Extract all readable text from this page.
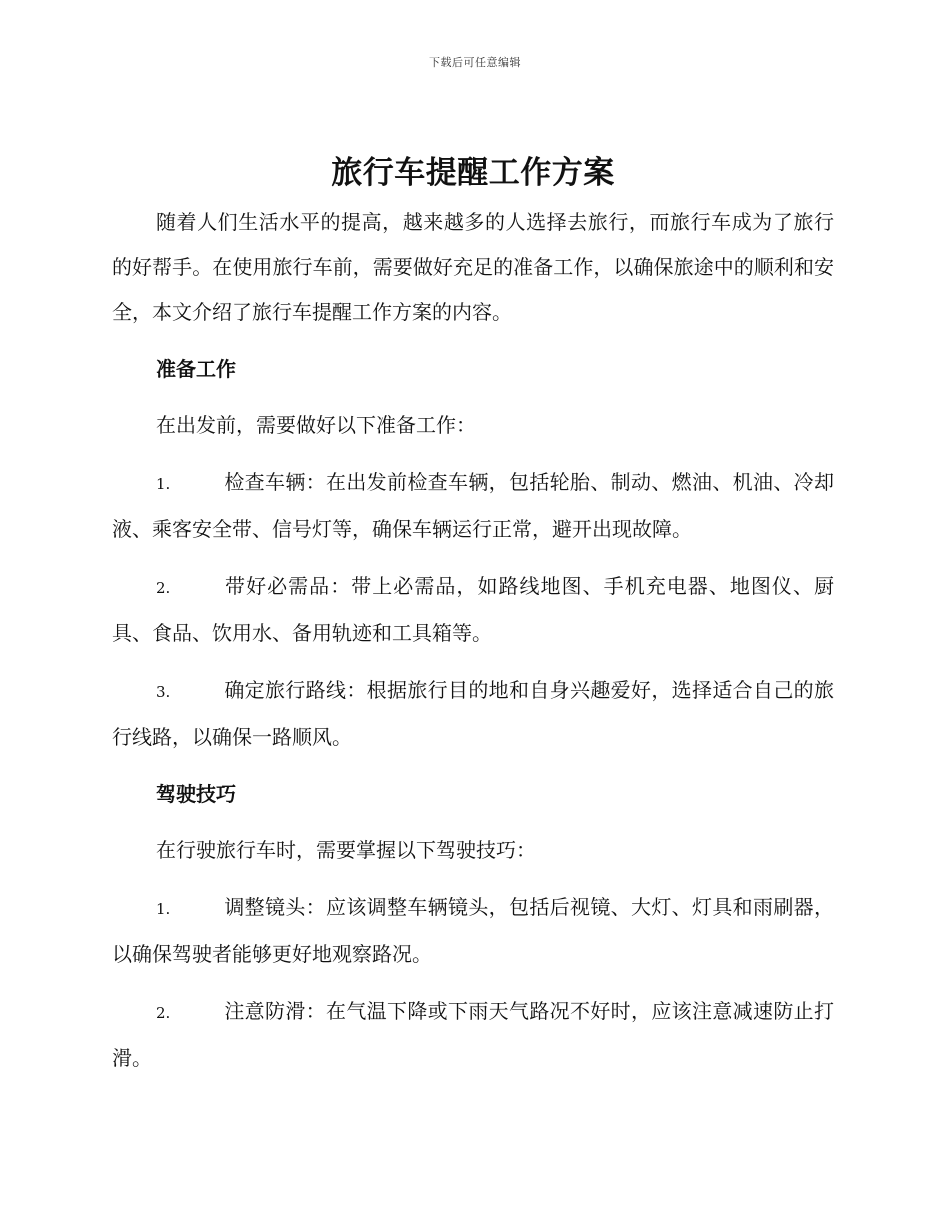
下载后可任意编辑
旅行车提醒工作方案

随着人们生活水平的提高，越来越多的人选择去旅行，而旅行车成为了旅行的好帮手。在使用旅行车前，需要做好充足的准备工作，以确保旅途中的顺利和安全，本文介绍了旅行车提醒工作方案的内容。

准备工作

在出发前，需要做好以下准备工作：

1.	检查车辆：在出发前检查车辆，包括轮胎、制动、燃油、机油、冷却液、乘客安全带、信号灯等，确保车辆运行正常，避开出现故障。

2.	带好必需品：带上必需品，如路线地图、手机充电器、地图仪、厨具、食品、饮用水、备用轨迹和工具箱等。

3.	确定旅行路线：根据旅行目的地和自身兴趣爱好，选择适合自己的旅行线路，以确保一路顺风。

驾驶技巧

在行驶旅行车时，需要掌握以下驾驶技巧：

1.	调整镜头：应该调整车辆镜头，包括后视镜、大灯、灯具和雨刷器，以确保驾驶者能够更好地观察路况。

2.	注意防滑：在气温下降或下雨天气路况不好时，应该注意减速防止打滑。
